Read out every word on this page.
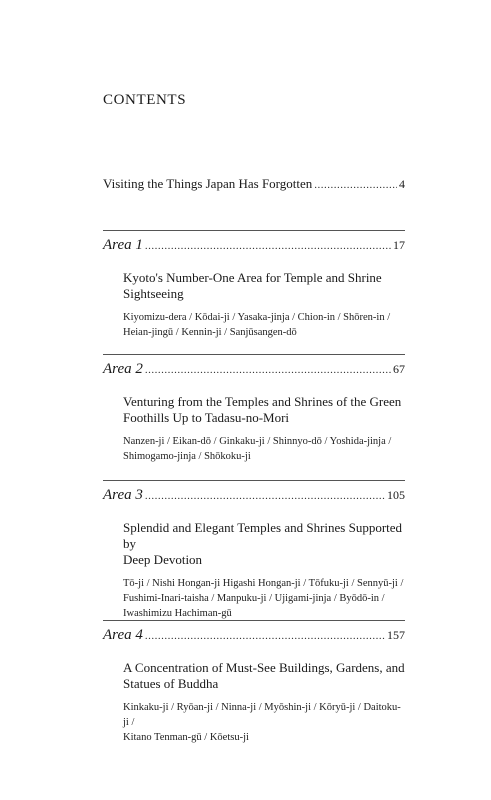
CONTENTS
Visiting the Things Japan Has Forgotten .....	4
Area 1 .....	17
Kyoto's Number-One Area for Temple and Shrine
Sightseeing
Kiyomizu-dera / Kōdai-ji / Yasaka-jinja / Chion-in / Shōren-in /
Heian-jingū / Kennin-ji / Sanjūsangen-dō
Area 2 .....	67
Venturing from the Temples and Shrines of the Green
Foothills Up to Tadasu-no-Mori
Nanzen-ji / Eikan-dō / Ginkaku-ji / Shinnyo-dō / Yoshida-jinja /
Shimogamo-jinja / Shōkoku-ji
Area 3 .....	105
Splendid and Elegant Temples and Shrines Supported by
Deep Devotion
Tō-ji / Nishi Hongan-ji Higashi Hongan-ji / Tōfuku-ji / Sennyū-ji /
Fushimi-Inari-taisha / Manpuku-ji / Ujigami-jinja / Byōdō-in /
Iwashimizu Hachiman-gū
Area 4 .....	157
A Concentration of Must-See Buildings, Gardens, and
Statues of Buddha
Kinkaku-ji / Ryōan-ji / Ninna-ji / Myōshin-ji / Kōryū-ji / Daitoku-ji /
Kitano Tenman-gū / Kōetsu-ji
